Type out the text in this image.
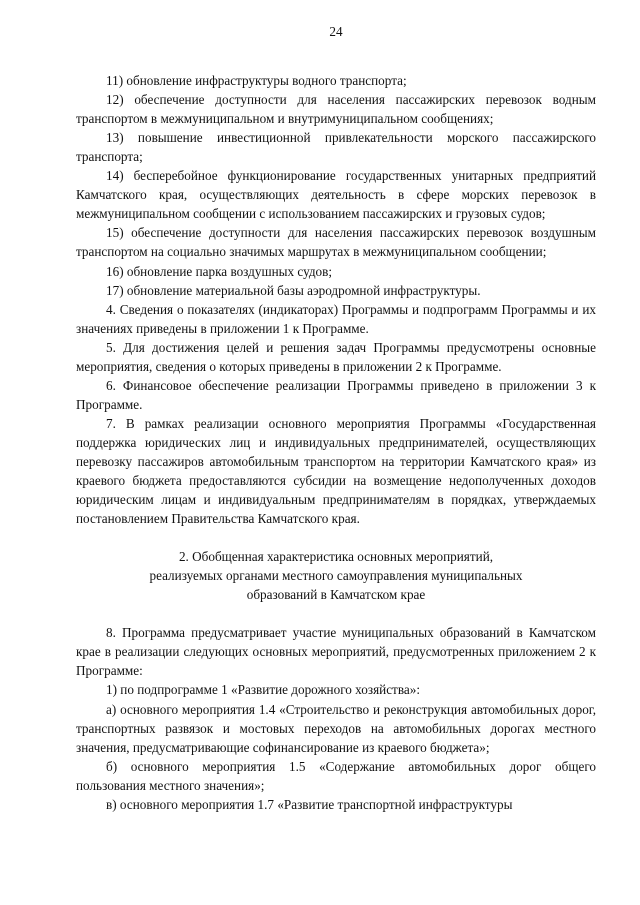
24

11) обновление инфраструктуры водного транспорта;

12) обеспечение доступности для населения пассажирских перевозок водным транспортом в межмуниципальном и внутримуниципальном сообщениях;

13) повышение инвестиционной привлекательности морского пассажирского транспорта;

14) бесперебойное функционирование государственных унитарных предприятий Камчатского края, осуществляющих деятельность в сфере морских перевозок в межмуниципальном сообщении с использованием пассажирских и грузовых судов;

15) обеспечение доступности для населения пассажирских перевозок воздушным транспортом на социально значимых маршрутах в межмуниципальном сообщении;

16) обновление парка воздушных судов;

17) обновление материальной базы аэродромной инфраструктуры.

4. Сведения о показателях (индикаторах) Программы и подпрограмм Программы и их значениях приведены в приложении 1 к Программе.

5. Для достижения целей и решения задач Программы предусмотрены основные мероприятия, сведения о которых приведены в приложении 2 к Программе.

6. Финансовое обеспечение реализации Программы приведено в приложении 3 к Программе.

7. В рамках реализации основного мероприятия Программы «Государственная поддержка юридических лиц и индивидуальных предпринимателей, осуществляющих перевозку пассажиров автомобильным транспортом на территории Камчатского края» из краевого бюджета предоставляются субсидии на возмещение недополученных доходов юридическим лицам и индивидуальным предпринимателям в порядках, утверждаемых постановлением Правительства Камчатского края.

2. Обобщенная характеристика основных мероприятий,

реализуемых органами местного самоуправления муниципальных

образований в Камчатском крае

8. Программа предусматривает участие муниципальных образований в Камчатском крае в реализации следующих основных мероприятий, предусмотренных приложением 2 к Программе:

1) по подпрограмме 1 «Развитие дорожного хозяйства»:

а) основного мероприятия 1.4 «Строительство и реконструкция автомобильных дорог, транспортных развязок и мостовых переходов на автомобильных дорогах местного значения, предусматривающие софинансирование из краевого бюджета»;

б) основного мероприятия 1.5 «Содержание автомобильных дорог общего пользования местного значения»;

в) основного мероприятия 1.7 «Развитие транспортной инфраструктуры
